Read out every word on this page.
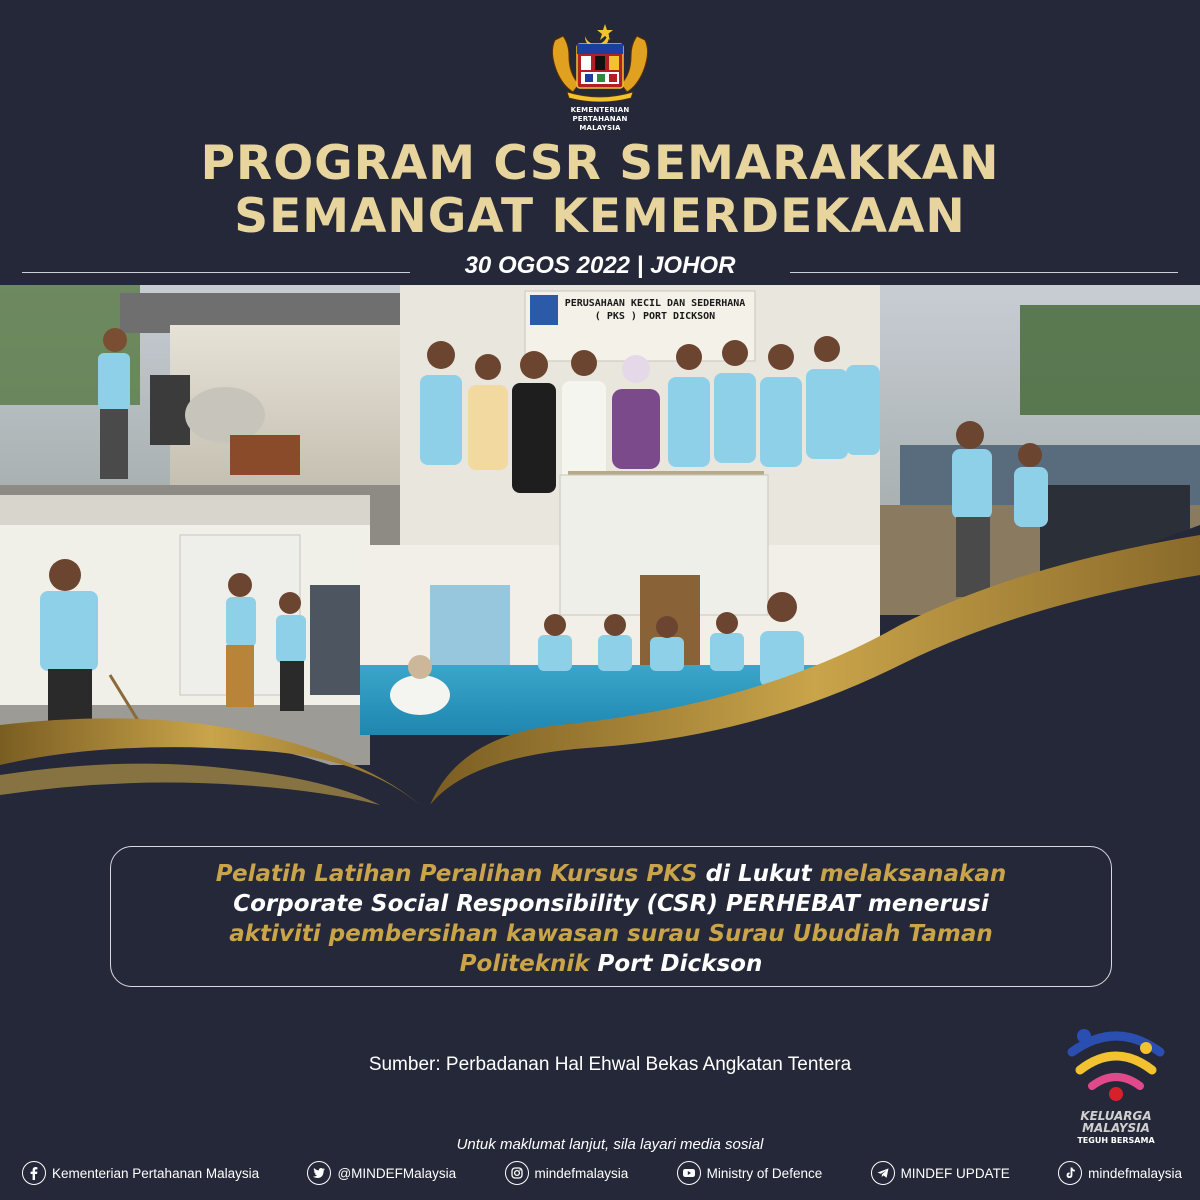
KEMENTERIAN PERTAHANAN
MALAYSIA
PROGRAM CSR SEMARAKKAN
SEMANGAT KEMERDEKAAN
30 OGOS 2022 | JOHOR
PERUSAHAAN KECIL DAN SEDERHANA ( PKS ) PORT DICKSON
Pelatih Latihan Peralihan Kursus PKS di Lukut melaksanakan
Corporate Social Responsibility (CSR) PERHEBAT menerusi
aktiviti pembersihan kawasan surau Surau Ubudiah Taman
Politeknik Port Dickson
Sumber: Perbadanan Hal Ehwal Bekas Angkatan Tentera
KELUARGA
MALAYSIA
TEGUH BERSAMA
Untuk maklumat lanjut, sila layari media sosial
Kementerian Pertahanan Malaysia	@MINDEFMalaysia	mindefmalaysia	Ministry of Defence	MINDEF UPDATE	mindefmalaysia
